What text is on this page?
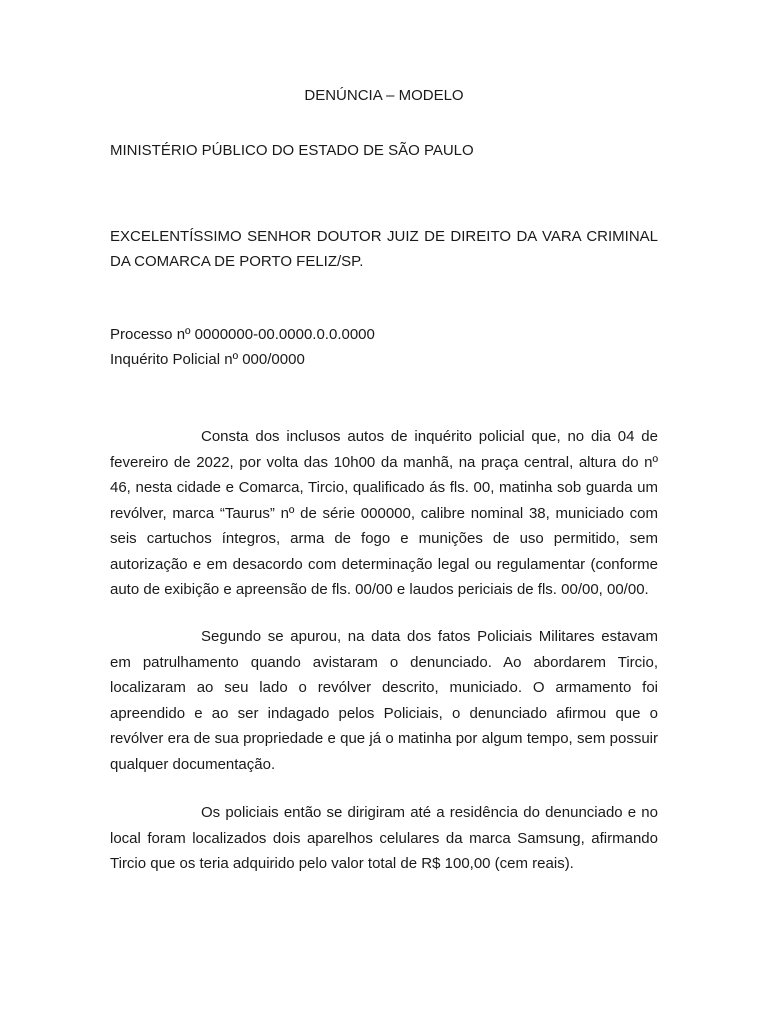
DENÚNCIA – MODELO
MINISTÉRIO PÚBLICO DO ESTADO DE SÃO PAULO
EXCELENTÍSSIMO SENHOR DOUTOR JUIZ DE DIREITO DA VARA CRIMINAL DA COMARCA DE PORTO FELIZ/SP.
Processo nº 0000000-00.0000.0.0.0000
Inquérito Policial nº 000/0000

Consta dos inclusos autos de inquérito policial que, no dia 04 de fevereiro de 2022, por volta das 10h00 da manhã, na praça central, altura do nº 46, nesta cidade e Comarca, Tircio, qualificado ás fls. 00, matinha sob guarda um revólver, marca “Taurus” nº de série 000000, calibre nominal 38, municiado com seis cartuchos íntegros, arma de fogo e munições de uso permitido, sem autorização e em desacordo com determinação legal ou regulamentar (conforme auto de exibição e apreensão de fls. 00/00 e laudos periciais de fls. 00/00, 00/00.

Segundo se apurou, na data dos fatos Policiais Militares estavam em patrulhamento quando avistaram o denunciado. Ao abordarem Tircio, localizaram ao seu lado o revólver descrito, municiado. O armamento foi apreendido e ao ser indagado pelos Policiais, o denunciado afirmou que o revólver era de sua propriedade e que já o matinha por algum tempo, sem possuir qualquer documentação.

Os policiais então se dirigiram até a residência do denunciado e no local foram localizados dois aparelhos celulares da marca Samsung, afirmando Tircio que os teria adquirido pelo valor total de R$ 100,00 (cem reais).
